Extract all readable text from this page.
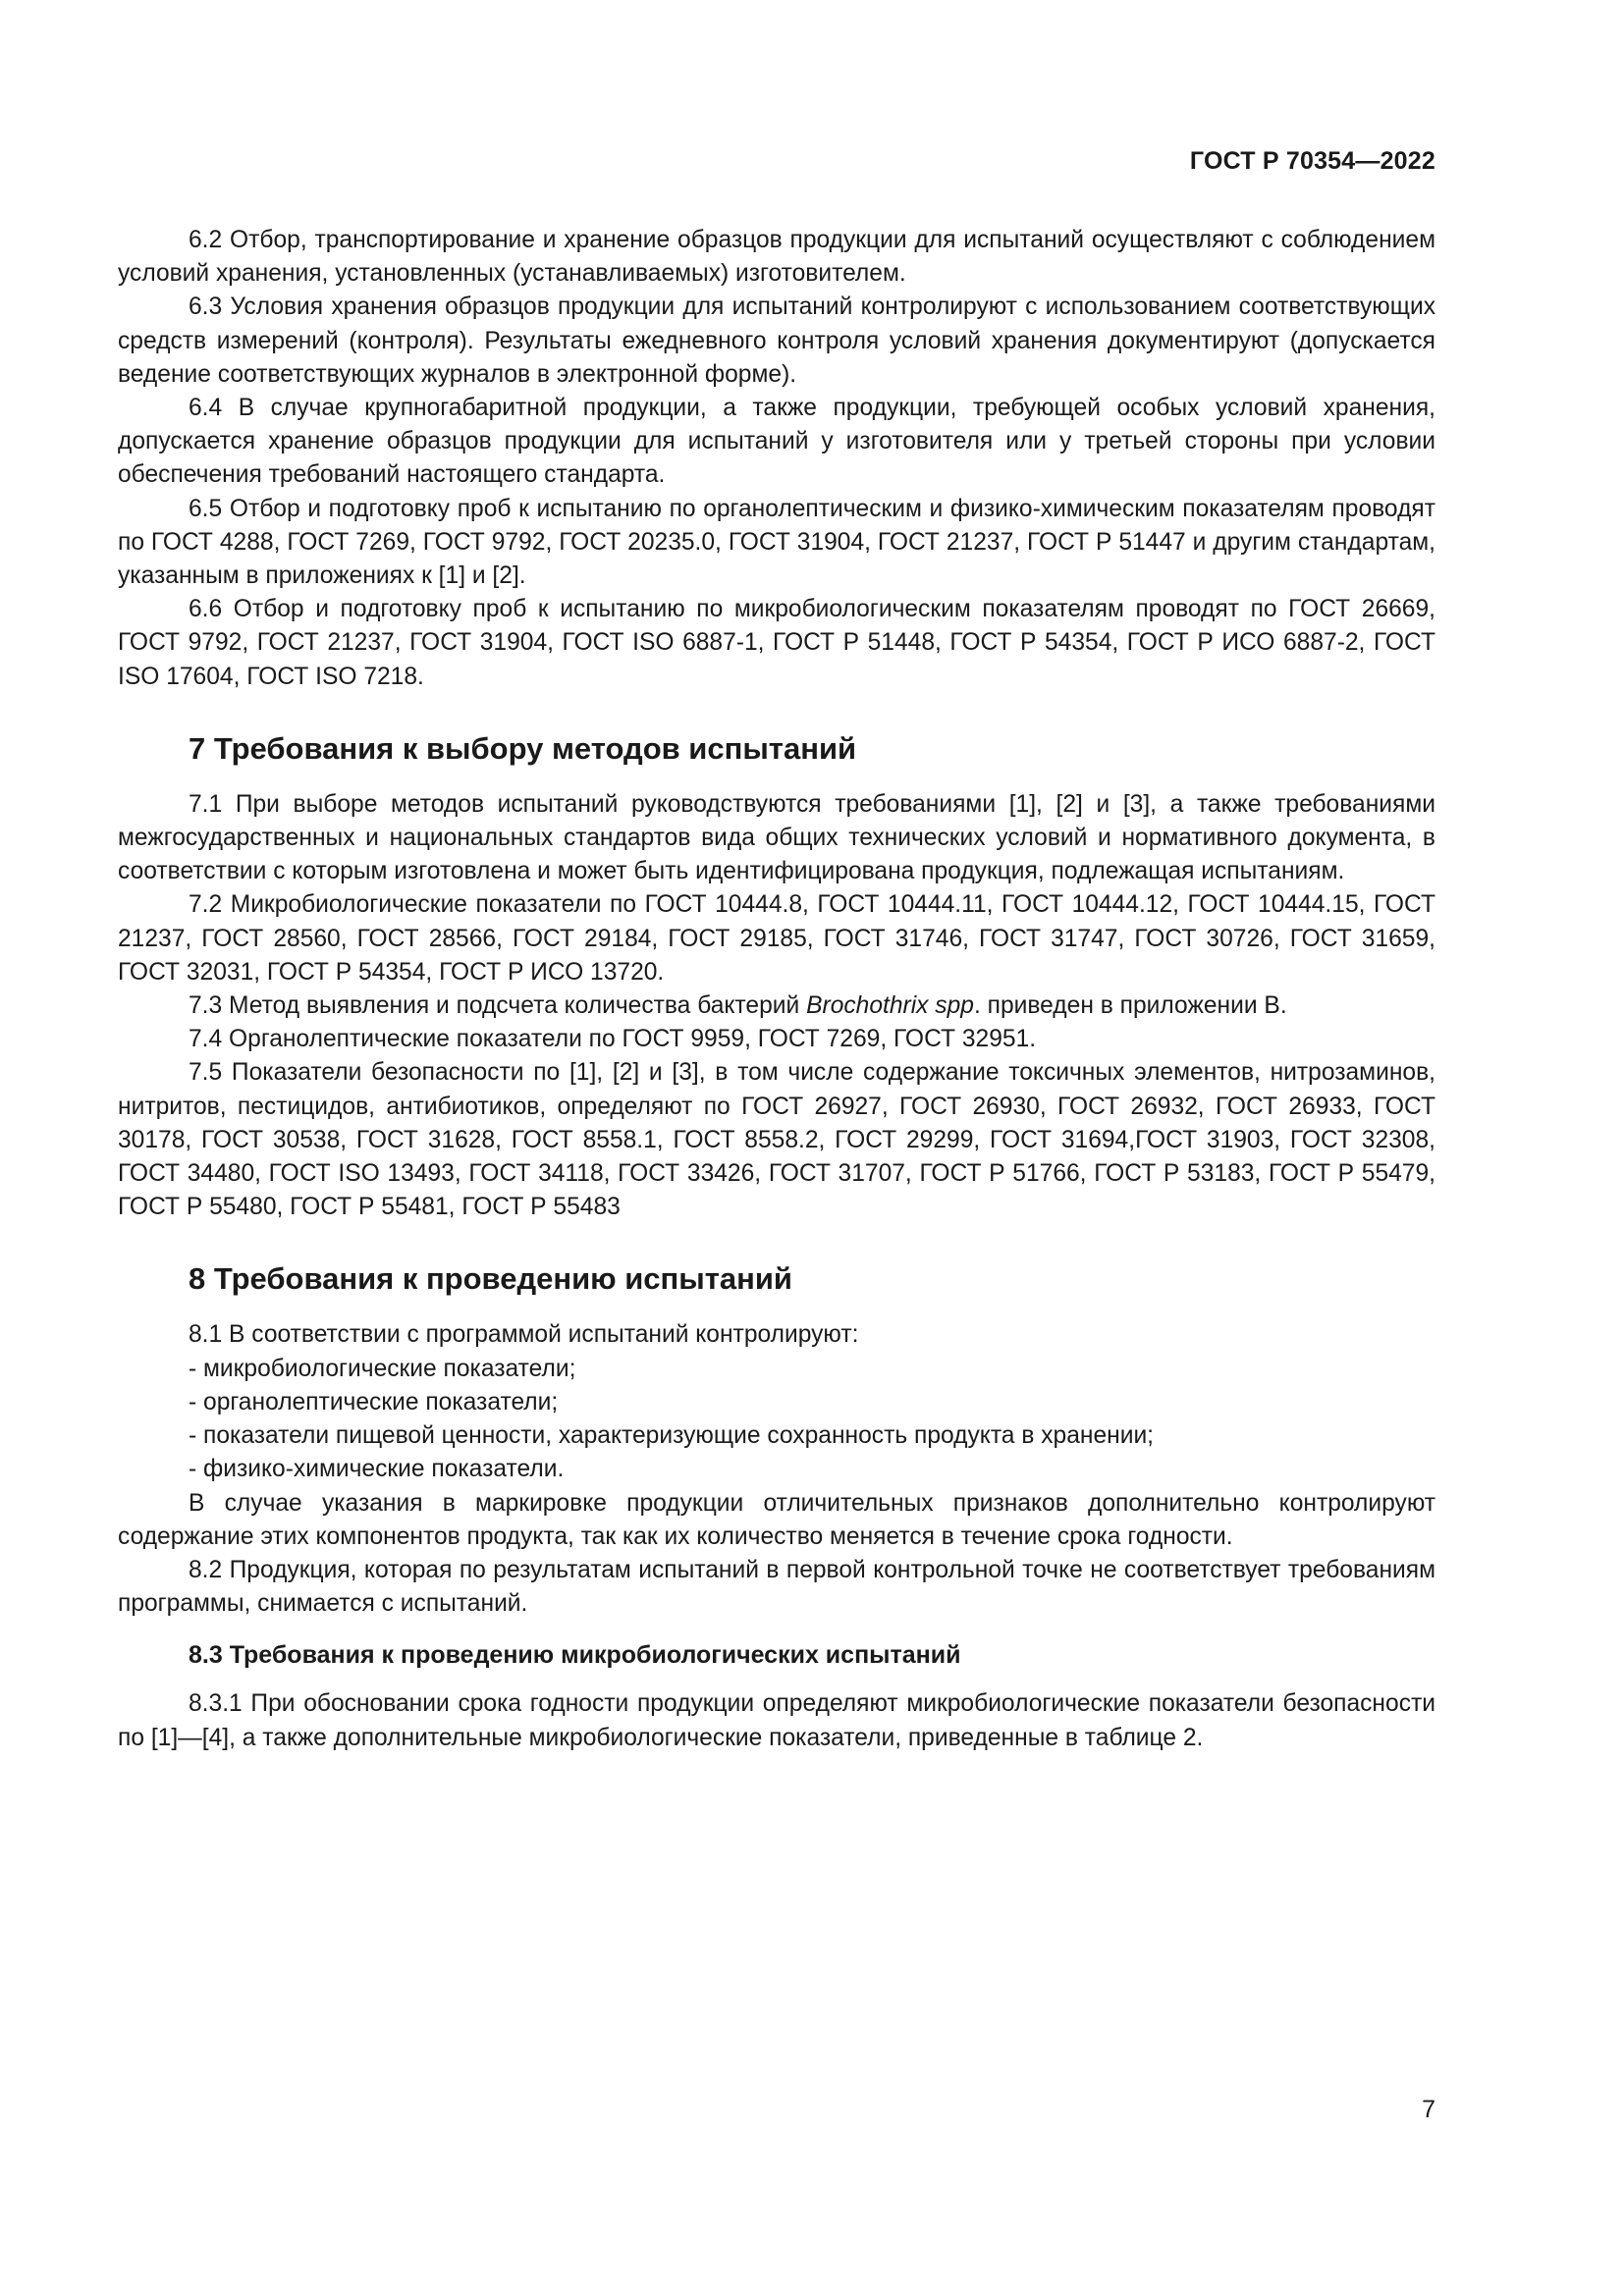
ГОСТ Р 70354—2022

6.2 Отбор, транспортирование и хранение образцов продукции для испытаний осуществляют с соблюдением условий хранения, установленных (устанавливаемых) изготовителем.

6.3 Условия хранения образцов продукции для испытаний контролируют с использованием соответствующих средств измерений (контроля). Результаты ежедневного контроля условий хранения документируют (допускается ведение соответствующих журналов в электронной форме).

6.4 В случае крупногабаритной продукции, а также продукции, требующей особых условий хранения, допускается хранение образцов продукции для испытаний у изготовителя или у третьей стороны при условии обеспечения требований настоящего стандарта.

6.5 Отбор и подготовку проб к испытанию по органолептическим и физико-химическим показателям проводят по ГОСТ 4288, ГОСТ 7269, ГОСТ 9792, ГОСТ 20235.0, ГОСТ 31904, ГОСТ 21237, ГОСТ Р 51447 и другим стандартам, указанным в приложениях к [1] и [2].

6.6 Отбор и подготовку проб к испытанию по микробиологическим показателям проводят по ГОСТ 26669, ГОСТ 9792, ГОСТ 21237, ГОСТ 31904, ГОСТ ISO 6887-1, ГОСТ Р 51448, ГОСТ Р 54354, ГОСТ Р ИСО 6887-2, ГОСТ ISO 17604, ГОСТ ISO 7218.

7 Требования к выбору методов испытаний

7.1 При выборе методов испытаний руководствуются требованиями [1], [2] и [3], а также требованиями межгосударственных и национальных стандартов вида общих технических условий и нормативного документа, в соответствии с которым изготовлена и может быть идентифицирована продукция, подлежащая испытаниям.

7.2 Микробиологические показатели по ГОСТ 10444.8, ГОСТ 10444.11, ГОСТ 10444.12, ГОСТ 10444.15, ГОСТ 21237, ГОСТ 28560, ГОСТ 28566, ГОСТ 29184, ГОСТ 29185, ГОСТ 31746, ГОСТ 31747, ГОСТ 30726, ГОСТ 31659, ГОСТ 32031, ГОСТ Р 54354, ГОСТ Р ИСО 13720.

7.3 Метод выявления и подсчета количества бактерий Brochothrix spp. приведен в приложении В.

7.4 Органолептические показатели по ГОСТ 9959, ГОСТ 7269, ГОСТ 32951.

7.5 Показатели безопасности по [1], [2] и [3], в том числе содержание токсичных элементов, нитрозаминов, нитритов, пестицидов, антибиотиков, определяют по ГОСТ 26927, ГОСТ 26930, ГОСТ 26932, ГОСТ 26933, ГОСТ 30178, ГОСТ 30538, ГОСТ 31628, ГОСТ 8558.1, ГОСТ 8558.2, ГОСТ 29299, ГОСТ 31694,ГОСТ 31903, ГОСТ 32308, ГОСТ 34480, ГОСТ ISO 13493, ГОСТ 34118, ГОСТ 33426, ГОСТ 31707, ГОСТ Р 51766, ГОСТ Р 53183, ГОСТ Р 55479, ГОСТ Р 55480, ГОСТ Р 55481, ГОСТ Р 55483

8 Требования к проведению испытаний

8.1 В соответствии с программой испытаний контролируют:

- микробиологические показатели;

- органолептические показатели;

- показатели пищевой ценности, характеризующие сохранность продукта в хранении;

- физико-химические показатели.

В случае указания в маркировке продукции отличительных признаков дополнительно контролируют содержание этих компонентов продукта, так как их количество меняется в течение срока годности.

8.2 Продукция, которая по результатам испытаний в первой контрольной точке не соответствует требованиям программы, снимается с испытаний.

8.3 Требования к проведению микробиологических испытаний

8.3.1 При обосновании срока годности продукции определяют микробиологические показатели безопасности по [1]—[4], а также дополнительные микробиологические показатели, приведенные в таблице 2.

7
